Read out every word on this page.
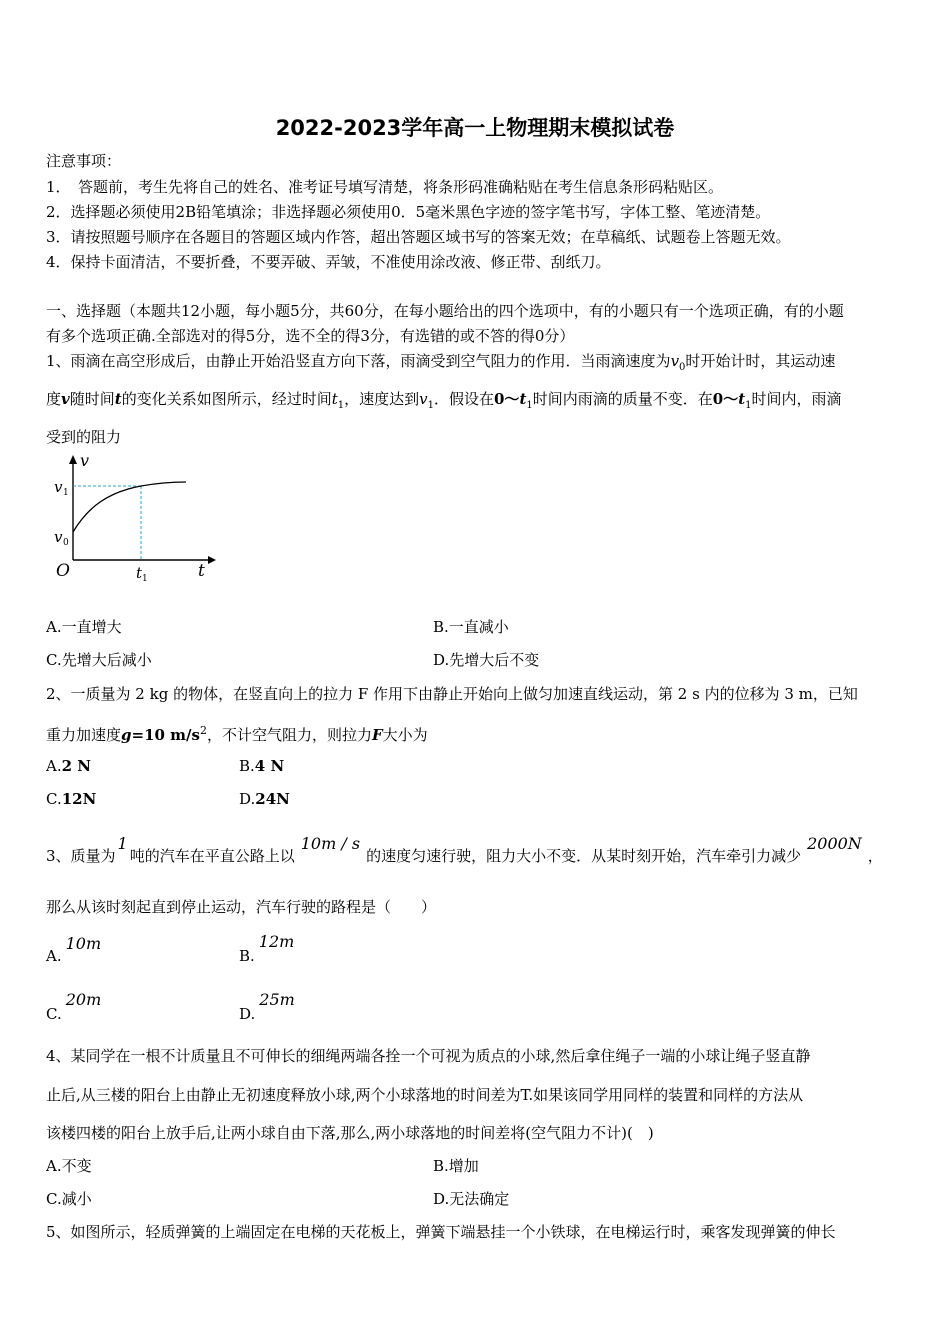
2022-2023学年高一上物理期末模拟试卷
注意事项：
1．　答题前，考生先将自己的姓名、准考证号填写清楚，将条形码准确粘贴在考生信息条形码粘贴区。
2．选择题必须使用2B铅笔填涂；非选择题必须使用0．5毫米黑色字迹的签字笔书写，字体工整、笔迹清楚。
3．请按照题号顺序在各题目的答题区域内作答，超出答题区域书写的答案无效；在草稿纸、试题卷上答题无效。
4．保持卡面清洁，不要折叠，不要弄破、弄皱，不准使用涂改液、修正带、刮纸刀。
一、选择题（本题共12小题，每小题5分，共60分，在每小题给出的四个选项中，有的小题只有一个选项正确，有的小题
有多个选项正确.全部选对的得5分，选不全的得3分，有选错的或不答的得0分）
1、雨滴在高空形成后，由静止开始沿竖直方向下落，雨滴受到空气阻力的作用．当雨滴速度为$v_0$时开始计时，其运动速
度v随时间t的变化关系如图所示，经过时间$t_1$，速度达到$v_1$．假设在$0\sim t_1$时间内雨滴的质量不变．在$0\sim t_1$时间内，雨滴
受到的阻力
v
v 1
v 0
O	t 1	t
A.一直增大	B.一直减小
C.先增大后减小	D.先增大后不变
2、一质量为 2 kg 的物体，在竖直向上的拉力 F 作用下由静止开始向上做匀加速直线运动，第 2 s 内的位移为 3 m，已知
重力加速度g=10 $m/s^2$，不计空气阻力，则拉力F大小为
A.2 N	B.4 N
C.12N	D.24N
3、质量为1吨的汽车在平直公路上以10m / s的速度匀速行驶，阻力大小不变．从某时刻开始，汽车牵引力减少2000N，
那么从该时刻起直到停止运动，汽车行驶的路程是（　　）
A.10m
B.12m
C.20m
D.25m
4、某同学在一根不计质量且不可伸长的细绳两端各拴一个可视为质点的小球,然后拿住绳子一端的小球让绳子竖直静
止后,从三楼的阳台上由静止无初速度释放小球,两个小球落地的时间差为T.如果该同学用同样的装置和同样的方法从
该楼四楼的阳台上放手后,让两小球自由下落,那么,两小球落地的时间差将(空气阻力不计)(　)
A.不变	B.增加
C.减小	D.无法确定
5、如图所示，轻质弹簧的上端固定在电梯的天花板上，弹簧下端悬挂一个小铁球，在电梯运行时，乘客发现弹簧的伸长
